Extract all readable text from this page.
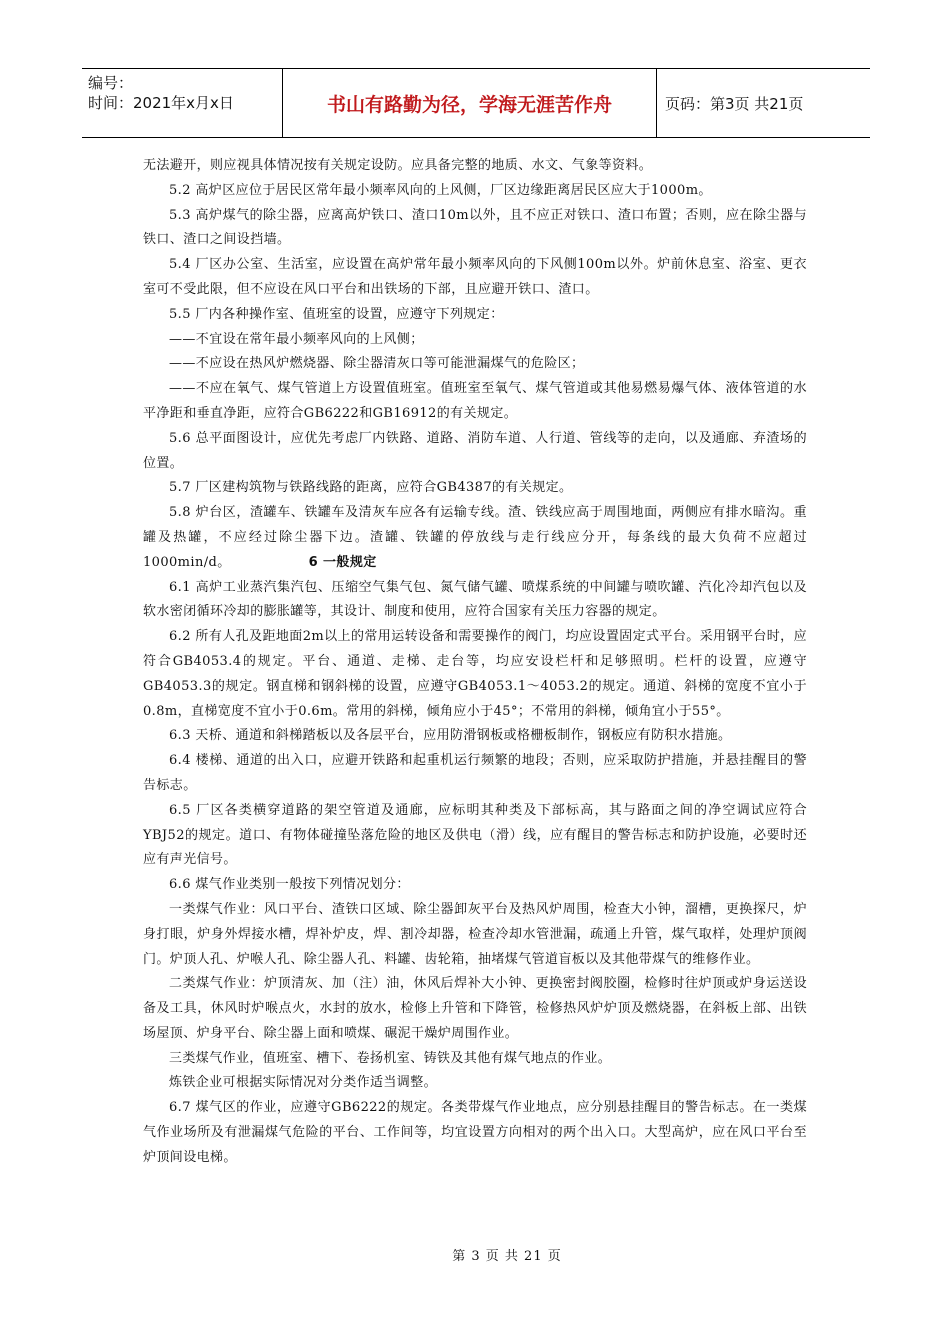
编号：
时间：2021年x月x日	书山有路勤为径，学海无涯苦作舟	页码：第3页 共21页

无法避开，则应视具体情况按有关规定设防。应具备完整的地质、水文、气象等资料。

5.2 高炉区应位于居民区常年最小频率风向的上风侧，厂区边缘距离居民区应大于1000m。

5.3 高炉煤气的除尘器，应离高炉铁口、渣口10m以外，且不应正对铁口、渣口布置；否则，应在除尘器与铁口、渣口之间设挡墙。

5.4 厂区办公室、生活室，应设置在高炉常年最小频率风向的下风侧100m以外。炉前休息室、浴室、更衣室可不受此限，但不应设在风口平台和出铁场的下部，且应避开铁口、渣口。

5.5 厂内各种操作室、值班室的设置，应遵守下列规定：

——不宜设在常年最小频率风向的上风侧；

——不应设在热风炉燃烧器、除尘器清灰口等可能泄漏煤气的危险区；

——不应在氧气、煤气管道上方设置值班室。值班室至氧气、煤气管道或其他易燃易爆气体、液体管道的水平净距和垂直净距，应符合GB6222和GB16912的有关规定。

5.6 总平面图设计，应优先考虑厂内铁路、道路、消防车道、人行道、管线等的走向，以及通廊、弃渣场的位置。

5.7 厂区建构筑物与铁路线路的距离，应符合GB4387的有关规定。

5.8 炉台区，渣罐车、铁罐车及清灰车应各有运输专线。渣、铁线应高于周围地面，两侧应有排水暗沟。重罐及热罐，不应经过除尘器下边。渣罐、铁罐的停放线与走行线应分开，每条线的最大负荷不应超过1000min/d。	6 一般规定

6.1 高炉工业蒸汽集汽包、压缩空气集气包、氮气储气罐、喷煤系统的中间罐与喷吹罐、汽化冷却汽包以及软水密闭循环冷却的膨胀罐等，其设计、制度和使用，应符合国家有关压力容器的规定。

6.2 所有人孔及距地面2m以上的常用运转设备和需要操作的阀门，均应设置固定式平台。采用钢平台时，应符合GB4053.4的规定。平台、通道、走梯、走台等，均应安设栏杆和足够照明。栏杆的设置，应遵守GB4053.3的规定。钢直梯和钢斜梯的设置，应遵守GB4053.1～4053.2的规定。通道、斜梯的宽度不宜小于0.8m，直梯宽度不宜小于0.6m。常用的斜梯，倾角应小于45°；不常用的斜梯，倾角宜小于55°。

6.3 天桥、通道和斜梯踏板以及各层平台，应用防滑钢板或格栅板制作，钢板应有防积水措施。

6.4 楼梯、通道的出入口，应避开铁路和起重机运行频繁的地段；否则，应采取防护措施，并悬挂醒目的警告标志。

6.5 厂区各类横穿道路的架空管道及通廊，应标明其种类及下部标高，其与路面之间的净空调试应符合YBJ52的规定。道口、有物体碰撞坠落危险的地区及供电（滑）线，应有醒目的警告标志和防护设施，必要时还应有声光信号。

6.6 煤气作业类别一般按下列情况划分：

一类煤气作业：风口平台、渣铁口区域、除尘器卸灰平台及热风炉周围，检查大小钟，溜槽，更换探尺，炉身打眼，炉身外焊接水槽，焊补炉皮，焊、割冷却器，检查冷却水管泄漏，疏通上升管，煤气取样，处理炉顶阀门。炉顶人孔、炉喉人孔、除尘器人孔、料罐、齿轮箱，抽堵煤气管道盲板以及其他带煤气的维修作业。

二类煤气作业：炉顶清灰、加（注）油，休风后焊补大小钟、更换密封阀胶圈，检修时往炉顶或炉身运送设备及工具，休风时炉喉点火，水封的放水，检修上升管和下降管，检修热风炉炉顶及燃烧器，在斜板上部、出铁场屋顶、炉身平台、除尘器上面和喷煤、碾泥干燥炉周围作业。

三类煤气作业，值班室、槽下、卷扬机室、铸铁及其他有煤气地点的作业。

炼铁企业可根据实际情况对分类作适当调整。

6.7 煤气区的作业，应遵守GB6222的规定。各类带煤气作业地点，应分别悬挂醒目的警告标志。在一类煤气作业场所及有泄漏煤气危险的平台、工作间等，均宜设置方向相对的两个出入口。大型高炉，应在风口平台至炉顶间设电梯。

第 3 页 共 21 页
